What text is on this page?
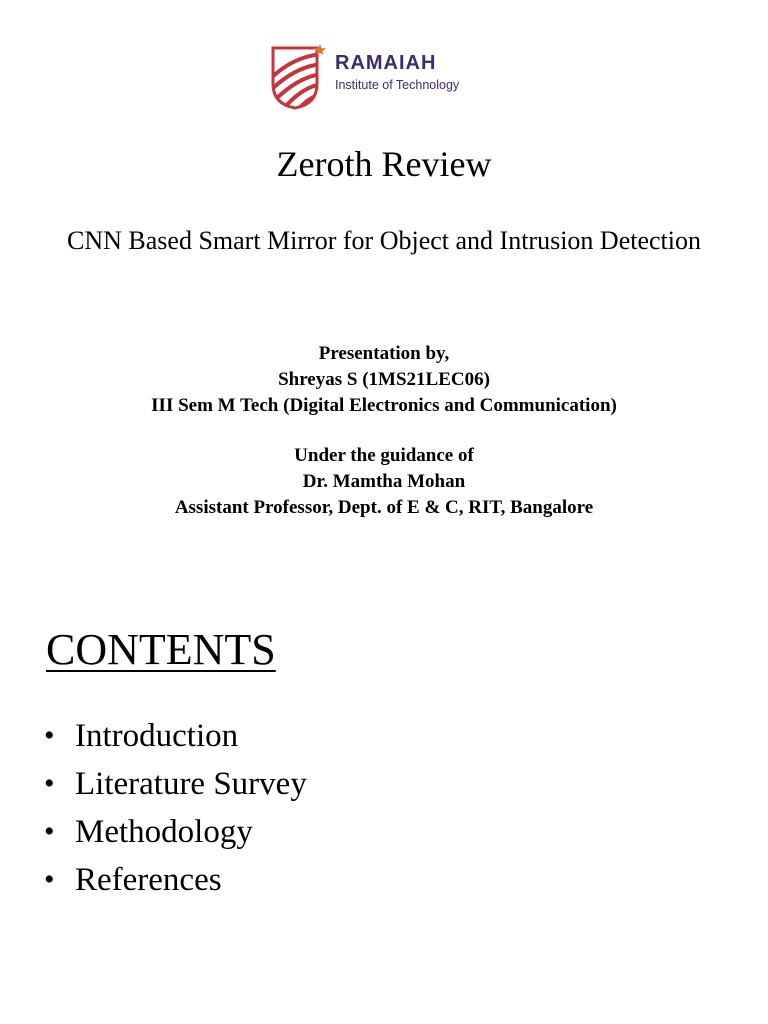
RAMAIAH
Institute of Technology
Zeroth Review
CNN Based Smart Mirror for Object and Intrusion Detection
Presentation by,
Shreyas S (1MS21LEC06)
III Sem M Tech (Digital Electronics and Communication)
Under the guidance of
Dr. Mamtha Mohan
Assistant Professor, Dept. of E & C, RIT, Bangalore
CONTENTS
• Introduction
• Literature Survey
• Methodology
• References
